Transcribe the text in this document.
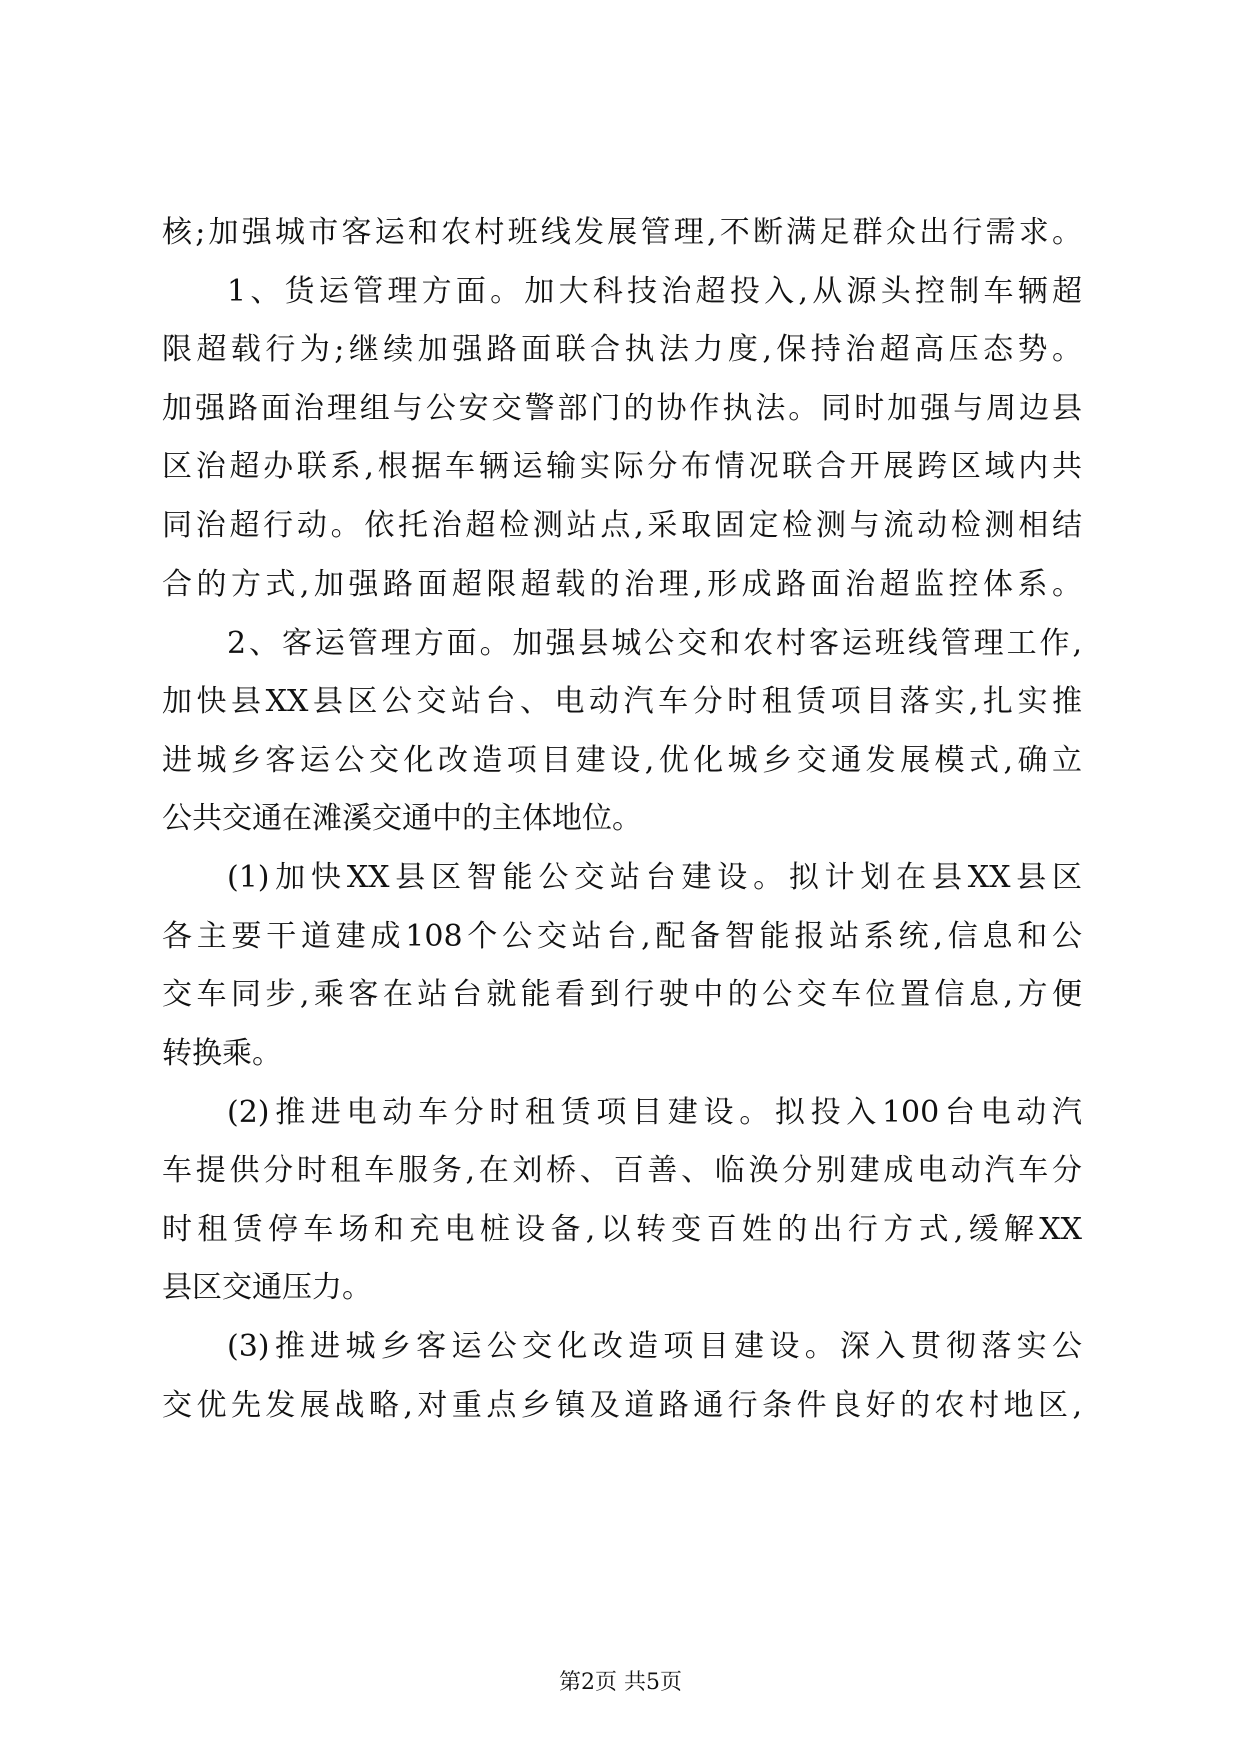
核;加强城市客运和农村班线发展管理,不断满足群众出行需求。
1、货运管理方面。加大科技治超投入,从源头控制车辆超
限超载行为;继续加强路面联合执法力度,保持治超高压态势。
加强路面治理组与公安交警部门的协作执法。同时加强与周边县
区治超办联系,根据车辆运输实际分布情况联合开展跨区域内共
同治超行动。依托治超检测站点,采取固定检测与流动检测相结
合的方式,加强路面超限超载的治理,形成路面治超监控体系。
2、客运管理方面。加强县城公交和农村客运班线管理工作,
加快县XX县区公交站台、电动汽车分时租赁项目落实,扎实推
进城乡客运公交化改造项目建设,优化城乡交通发展模式,确立
公共交通在滩溪交通中的主体地位。
(1)加快XX县区智能公交站台建设。拟计划在县XX县区
各主要干道建成108个公交站台,配备智能报站系统,信息和公
交车同步,乘客在站台就能看到行驶中的公交车位置信息,方便
转换乘。
(2)推进电动车分时租赁项目建设。拟投入100台电动汽
车提供分时租车服务,在刘桥、百善、临涣分别建成电动汽车分
时租赁停车场和充电桩设备,以转变百姓的出行方式,缓解XX
县区交通压力。
(3)推进城乡客运公交化改造项目建设。深入贯彻落实公
交优先发展战略,对重点乡镇及道路通行条件良好的农村地区,
第2页 共5页
